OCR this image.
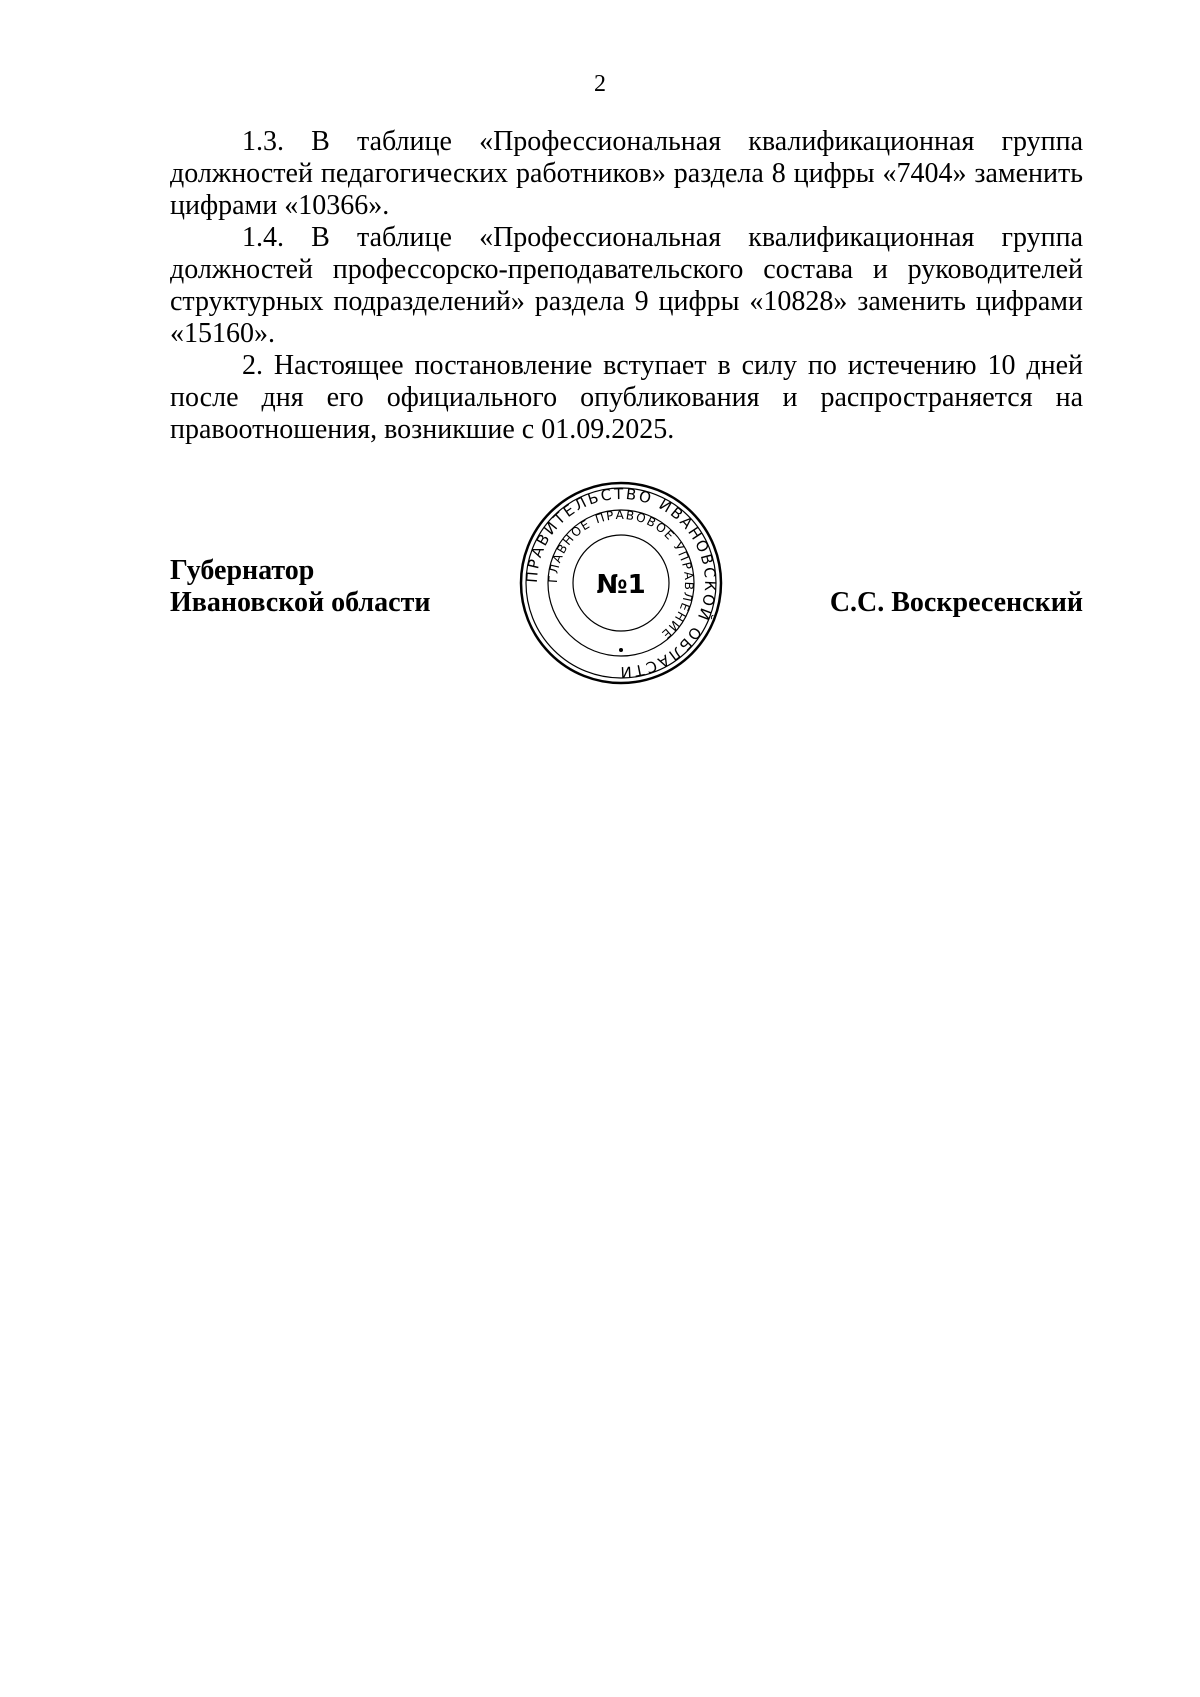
2

1.3. В таблице «Профессиональная квалификационная группа должностей педагогических работников» раздела 8 цифры «7404» заменить цифрами «10366».

1.4. В таблице «Профессиональная квалификационная группа должностей профессорско-преподавательского состава и руководителей структурных подразделений» раздела 9 цифры «10828» заменить цифрами «15160».

2. Настоящее постановление вступает в силу по истечению 10 дней после дня его официального опубликования и распространяется на правоотношения, возникшие с 01.09.2025.

Губернатор
Ивановской области	С.С. Воскресенский
ПРАВИТЕЛЬСТВО ИВАНОВСКОЙ ОБЛАСТИ
ГЛАВНОЕ ПРАВОВОЕ УПРАВЛЕНИЕ
№1
